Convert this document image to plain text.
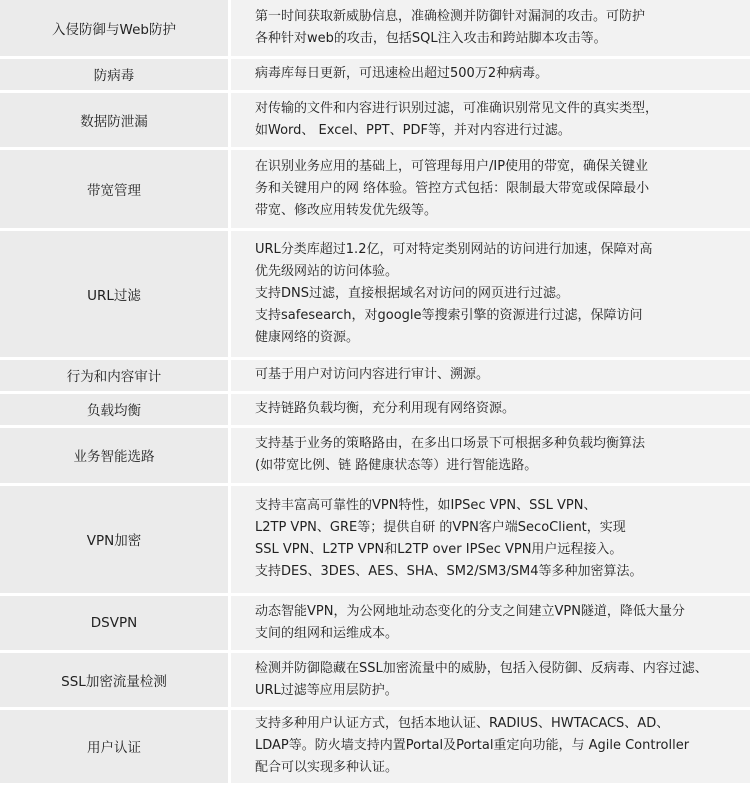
入侵防御与Web防护	第一时间获取新威胁信息，准确检测并防御针对漏洞的攻击。可防护
各种针对web的攻击，包括SQL注入攻击和跨站脚本攻击等。

防病毒	病毒库每日更新，可迅速检出超过500万2种病毒。

数据防泄漏	对传输的文件和内容进行识别过滤，可准确识别常见文件的真实类型，
如Word、 Excel、PPT、PDF等，并对内容进行过滤。

带宽管理	在识别业务应用的基础上，可管理每用户/IP使用的带宽，确保关键业
务和关键用户的网 络体验。管控方式包括：限制最大带宽或保障最小
带宽、修改应用转发优先级等。

URL过滤	URL分类库超过1.2亿，可对特定类别网站的访问进行加速，保障对高
优先级网站的访问体验。
支持DNS过滤，直接根据域名对访问的网页进行过滤。
支持safesearch，对google等搜索引擎的资源进行过滤，保障访问
健康网络的资源。

行为和内容审计	可基于用户对访问内容进行审计、溯源。

负载均衡	支持链路负载均衡，充分利用现有网络资源。

业务智能选路	支持基于业务的策略路由，在多出口场景下可根据多种负载均衡算法
(如带宽比例、链 路健康状态等）进行智能选路。

VPN加密	支持丰富高可靠性的VPN特性，如IPSec VPN、SSL VPN、
L2TP VPN、GRE等；提供自研 的VPN客户端SecoClient，实现
SSL VPN、L2TP VPN和L2TP over IPSec VPN用户远程接入。
支持DES、3DES、AES、SHA、SM2/SM3/SM4等多种加密算法。

DSVPN	动态智能VPN，为公网地址动态变化的分支之间建立VPN隧道，降低大量分
支间的组网和运维成本。

SSL加密流量检测	检测并防御隐藏在SSL加密流量中的威胁，包括入侵防御、反病毒、内容过滤、
URL过滤等应用层防护。

用户认证	支持多种用户认证方式，包括本地认证、RADIUS、HWTACACS、AD、
LDAP等。防火墙支持内置Portal及Portal重定向功能，与 Agile Controller
配合可以实现多种认证。
